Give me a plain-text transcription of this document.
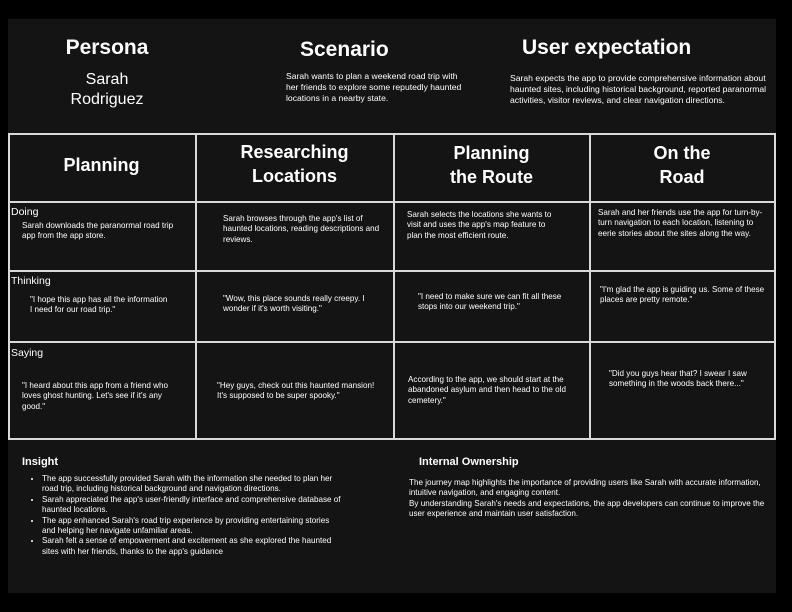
Persona
Sarah
Rodriguez
Scenario
Sarah wants to plan a weekend road trip with her friends to explore some reputedly haunted locations in a nearby state.
User expectation
Sarah expects the app to provide comprehensive information about haunted sites, including historical background, reported paranormal activities, visitor reviews, and clear navigation directions.
Planning
Researching
Locations
Planning
the Route
On the
Road
Doing
Thinking
Saying
Sarah downloads the paranormal road trip app from the app store.
Sarah browses through the app's list of haunted locations, reading descriptions and reviews.
Sarah selects the locations she wants to visit and uses the app's map feature to plan the most efficient route.
Sarah and her friends use the app for turn-by-turn navigation to each location, listening to eerie stories about the sites along the way.
"I hope this app has all the information I need for our road trip."
"Wow, this place sounds really creepy. I wonder if it's worth visiting."
"I need to make sure we can fit all these stops into our weekend trip."
"I'm glad the app is guiding us. Some of these places are pretty remote."
"I heard about this app from a friend who loves ghost hunting. Let's see if it's any good."
"Hey guys, check out this haunted mansion! It's supposed to be super spooky."
According to the app, we should start at the abandoned asylum and then head to the old cemetery."
"Did you guys hear that? I swear I saw something in the woods back there..."
Insight
• The app successfully provided Sarah with the information she needed to plan her road trip, including historical background and navigation directions.
• Sarah appreciated the app's user-friendly interface and comprehensive database of haunted locations.
• The app enhanced Sarah's road trip experience by providing entertaining stories and helping her navigate unfamiliar areas.
• Sarah felt a sense of empowerment and excitement as she explored the haunted sites with her friends, thanks to the app's guidance
Internal Ownership
The journey map highlights the importance of providing users like Sarah with accurate information, intuitive navigation, and engaging content.
By understanding Sarah's needs and expectations, the app developers can continue to improve the user experience and maintain user satisfaction.
